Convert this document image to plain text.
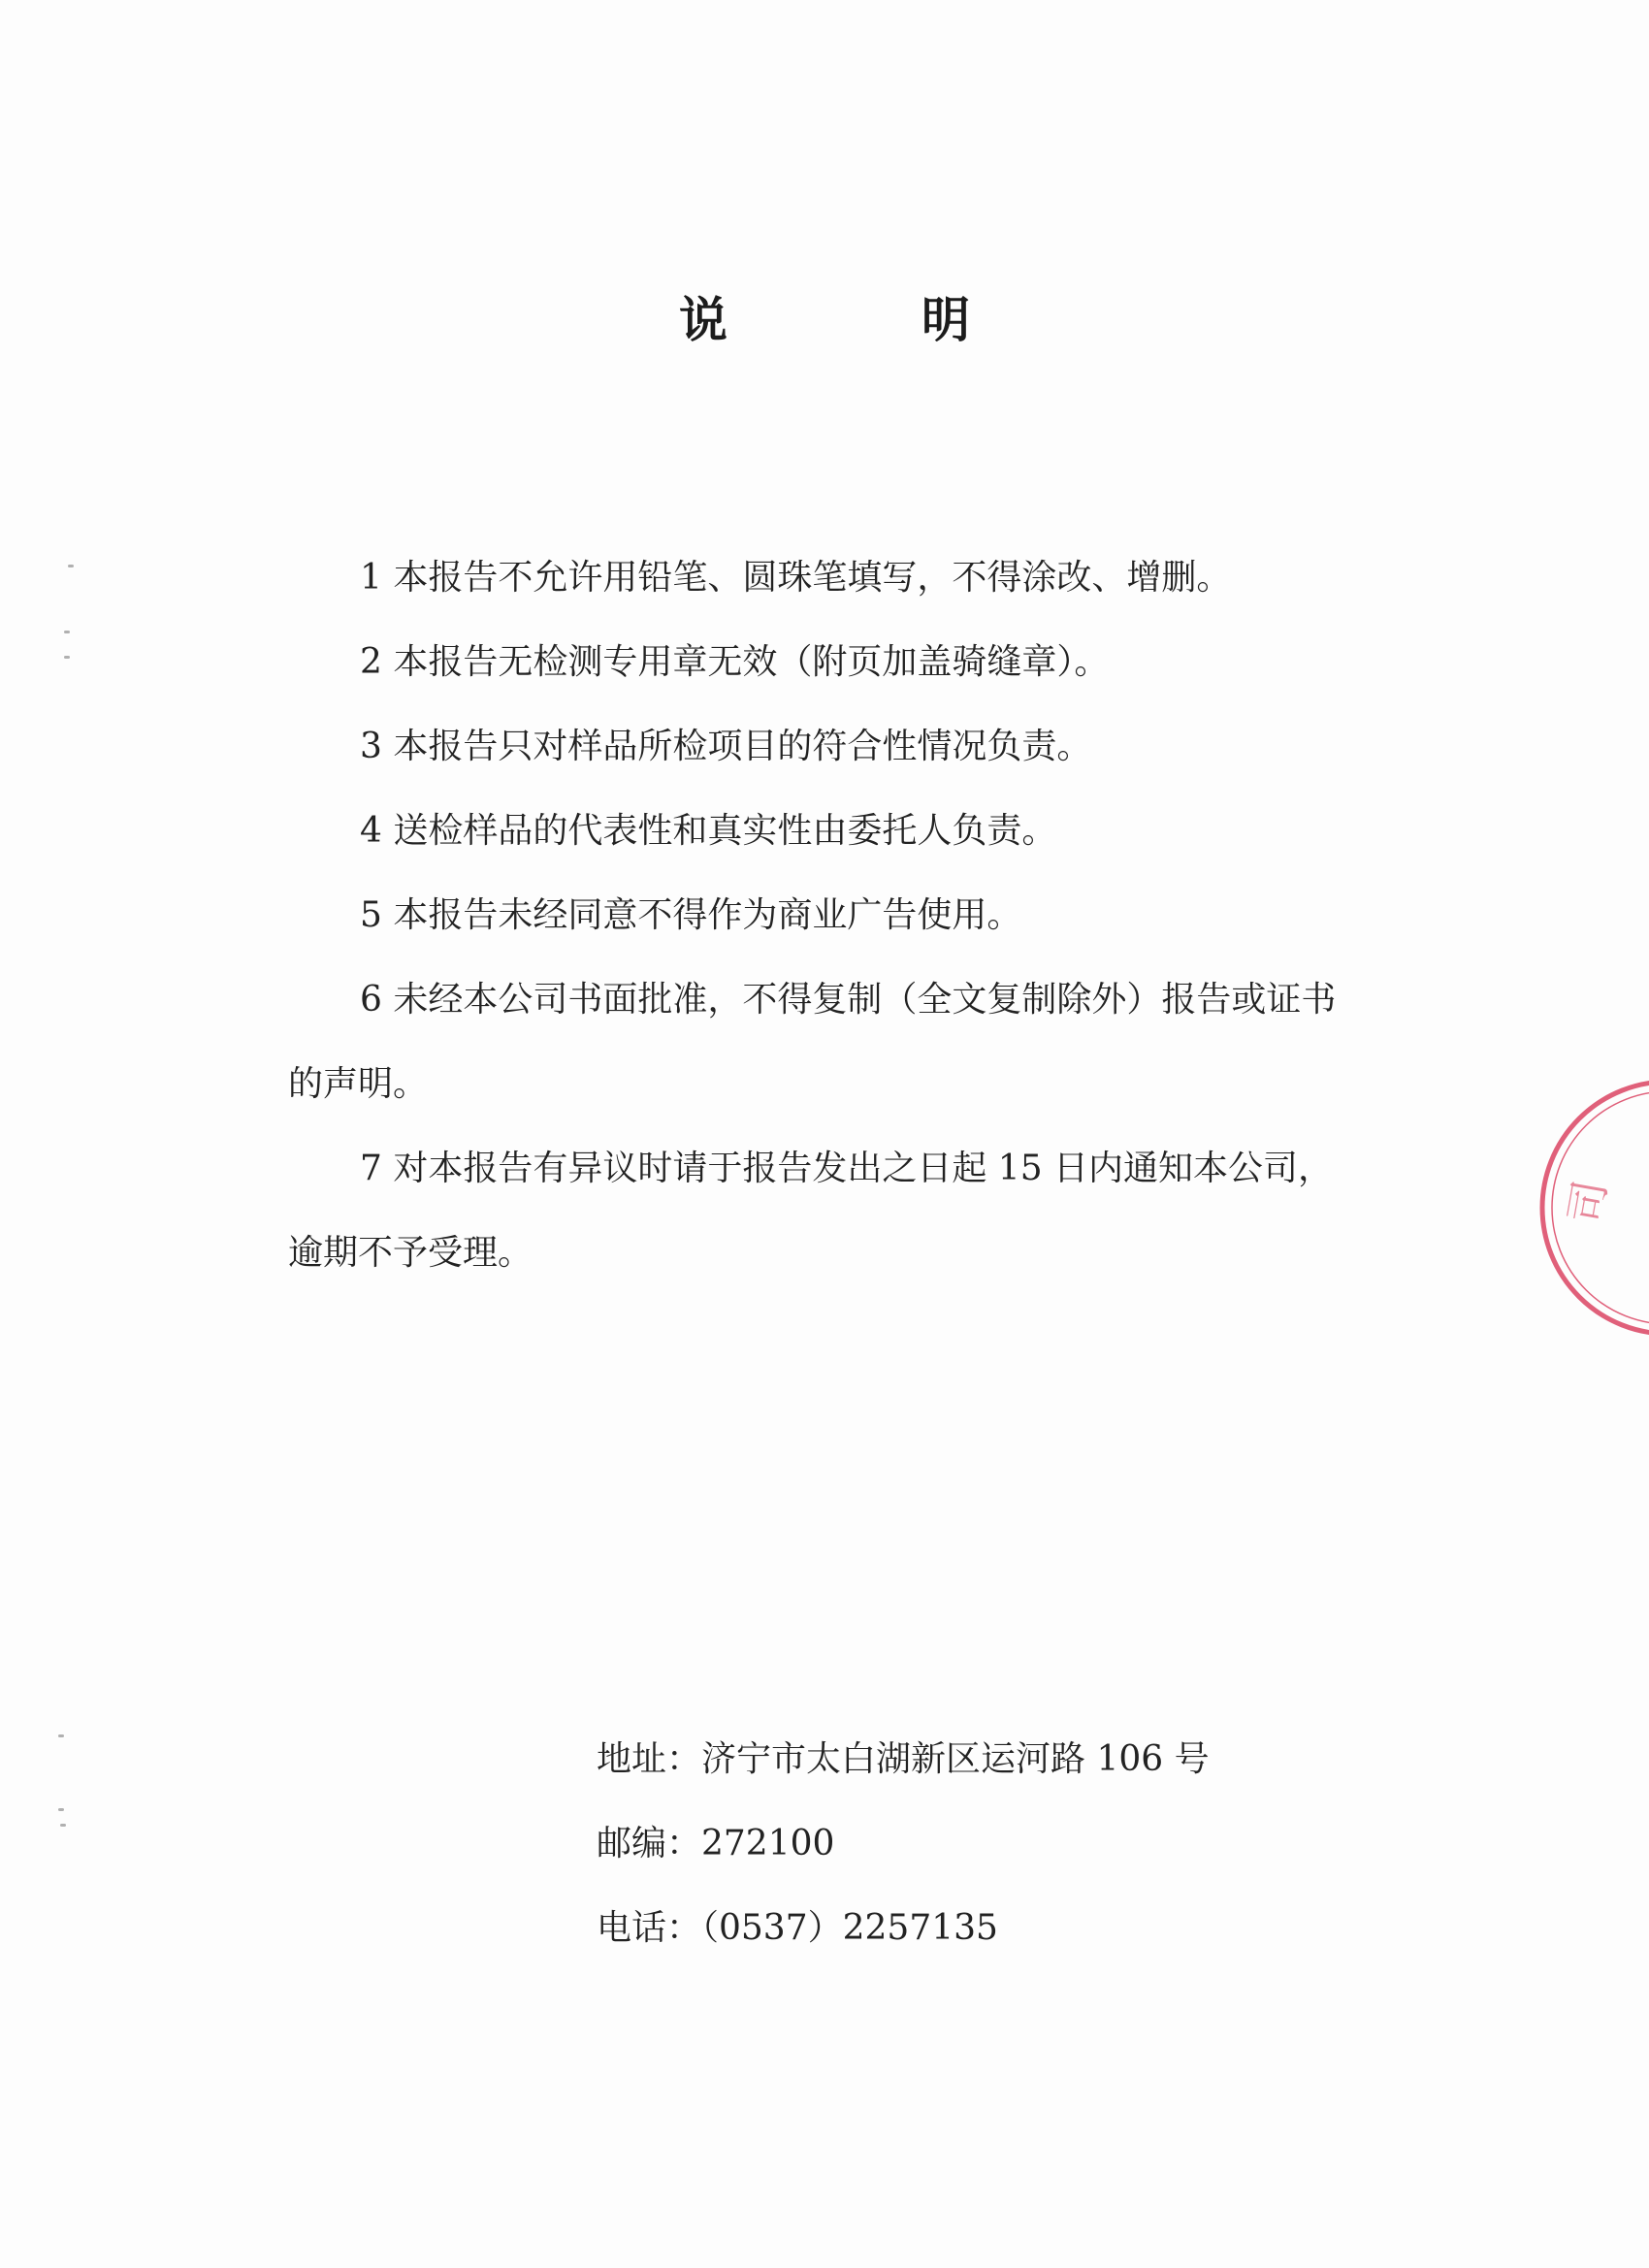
说	明

1 本报告不允许用铅笔、圆珠笔填写，不得涂改、增删。

2 本报告无检测专用章无效（附页加盖骑缝章）。

3 本报告只对样品所检项目的符合性情况负责。

4 送检样品的代表性和真实性由委托人负责。

5 本报告未经同意不得作为商业广告使用。

6 未经本公司书面批准，不得复制（全文复制除外）报告或证书的声明。

7 对本报告有异议时请于报告发出之日起 15 日内通知本公司，逾期不予受理。

地址：济宁市太白湖新区运河路 106 号

邮编：272100

电话：（0537）2257135

司
